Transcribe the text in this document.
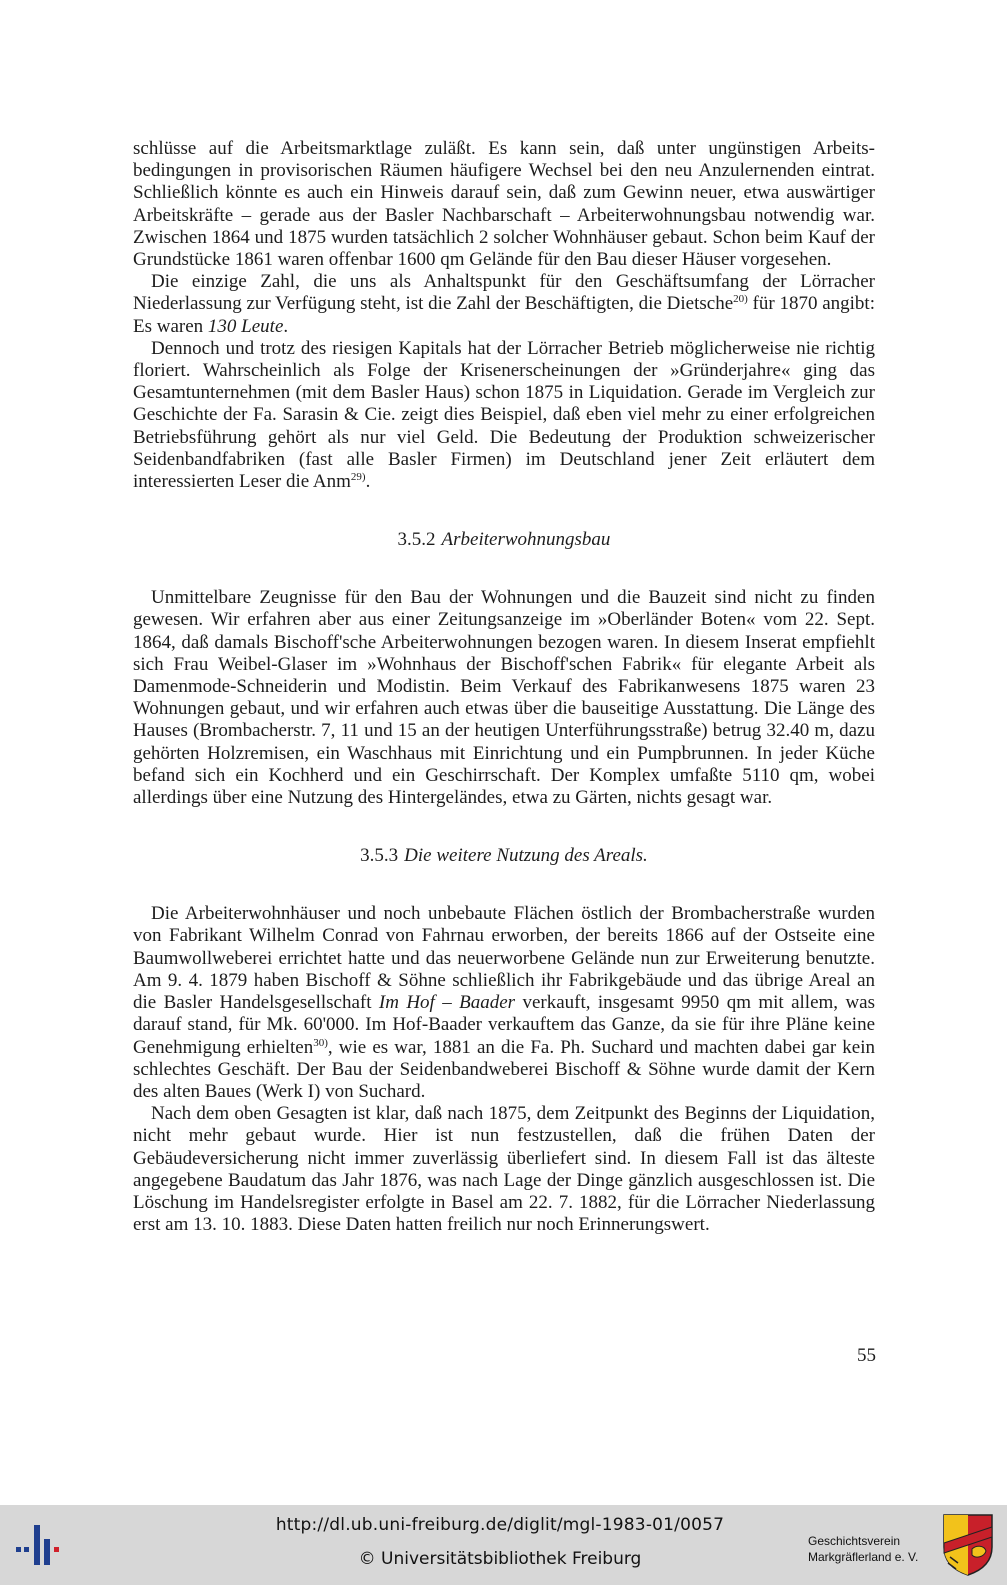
schlüsse auf die Arbeitsmarktlage zuläßt. Es kann sein, daß unter ungünstigen Arbeitsbedingungen in provisorischen Räumen häufigere Wechsel bei den neu Anzulernenden eintrat. Schließlich könnte es auch ein Hinweis darauf sein, daß zum Gewinn neuer, etwa auswärtiger Arbeitskräfte – gerade aus der Basler Nachbarschaft – Arbeiterwohnungsbau notwendig war. Zwischen 1864 und 1875 wurden tatsächlich 2 solcher Wohnhäuser gebaut. Schon beim Kauf der Grundstücke 1861 waren offenbar 1600 qm Gelände für den Bau dieser Häuser vorgesehen.

Die einzige Zahl, die uns als Anhaltspunkt für den Geschäftsumfang der Lörracher Niederlassung zur Verfügung steht, ist die Zahl der Beschäftigten, die Dietsche$^{20)}$ für 1870 angibt: Es waren 130 Leute.

Dennoch und trotz des riesigen Kapitals hat der Lörracher Betrieb möglicherweise nie richtig floriert. Wahrscheinlich als Folge der Krisenerscheinungen der »Gründerjahre« ging das Gesamtunternehmen (mit dem Basler Haus) schon 1875 in Liquidation. Gerade im Vergleich zur Geschichte der Fa. Sarasin & Cie. zeigt dies Beispiel, daß eben viel mehr zu einer erfolgreichen Betriebsführung gehört als nur viel Geld. Die Bedeutung der Produktion schweizerischer Seidenbandfabriken (fast alle Basler Firmen) im Deutschland jener Zeit erläutert dem interessierten Leser die Anm$^{29)}$.

3.5.2 Arbeiterwohnungsbau

Unmittelbare Zeugnisse für den Bau der Wohnungen und die Bauzeit sind nicht zu finden gewesen. Wir erfahren aber aus einer Zeitungsanzeige im »Oberländer Boten« vom 22. Sept. 1864, daß damals Bischoff'sche Arbeiterwohnungen bezogen waren. In diesem Inserat empfiehlt sich Frau Weibel-Glaser im »Wohnhaus der Bischoff'schen Fabrik« für elegante Arbeit als Damenmode-Schneiderin und Modistin. Beim Verkauf des Fabrikanwesens 1875 waren 23 Wohnungen gebaut, und wir erfahren auch etwas über die bauseitige Ausstattung. Die Länge des Hauses (Brombacherstr. 7, 11 und 15 an der heutigen Unterführungsstraße) betrug 32.40 m, dazu gehörten Holzremisen, ein Waschhaus mit Einrichtung und ein Pumpbrunnen. In jeder Küche befand sich ein Kochherd und ein Geschirrschaft. Der Komplex umfaßte 5110 qm, wobei allerdings über eine Nutzung des Hintergeländes, etwa zu Gärten, nichts gesagt war.

3.5.3 Die weitere Nutzung des Areals.

Die Arbeiterwohnhäuser und noch unbebaute Flächen östlich der Brombacherstraße wurden von Fabrikant Wilhelm Conrad von Fahrnau erworben, der bereits 1866 auf der Ostseite eine Baumwollweberei errichtet hatte und das neuerworbene Gelände nun zur Erweiterung benutzte. Am 9. 4. 1879 haben Bischoff & Söhne schließlich ihr Fabrikgebäude und das übrige Areal an die Basler Handelsgesellschaft Im Hof – Baader verkauft, insgesamt 9950 qm mit allem, was darauf stand, für Mk. 60'000. Im Hof-Baader verkauftem das Ganze, da sie für ihre Pläne keine Genehmigung erhielten$^{30)}$, wie es war, 1881 an die Fa. Ph. Suchard und machten dabei gar kein schlechtes Geschäft. Der Bau der Seidenbandweberei Bischoff & Söhne wurde damit der Kern des alten Baues (Werk I) von Suchard.

Nach dem oben Gesagten ist klar, daß nach 1875, dem Zeitpunkt des Beginns der Liquidation, nicht mehr gebaut wurde. Hier ist nun festzustellen, daß die frühen Daten der Gebäudeversicherung nicht immer zuverlässig überliefert sind. In diesem Fall ist das älteste angegebene Baudatum das Jahr 1876, was nach Lage der Dinge gänzlich ausgeschlossen ist. Die Löschung im Handelsregister erfolgte in Basel am 22. 7. 1882, für die Lörracher Niederlassung erst am 13. 10. 1883. Diese Daten hatten freilich nur noch Erinnerungswert.

55
http://dl.ub.uni-freiburg.de/diglit/mgl-1983-01/0057
© Universitätsbibliothek Freiburg
Geschichtsverein
Markgräflerland e. V.
